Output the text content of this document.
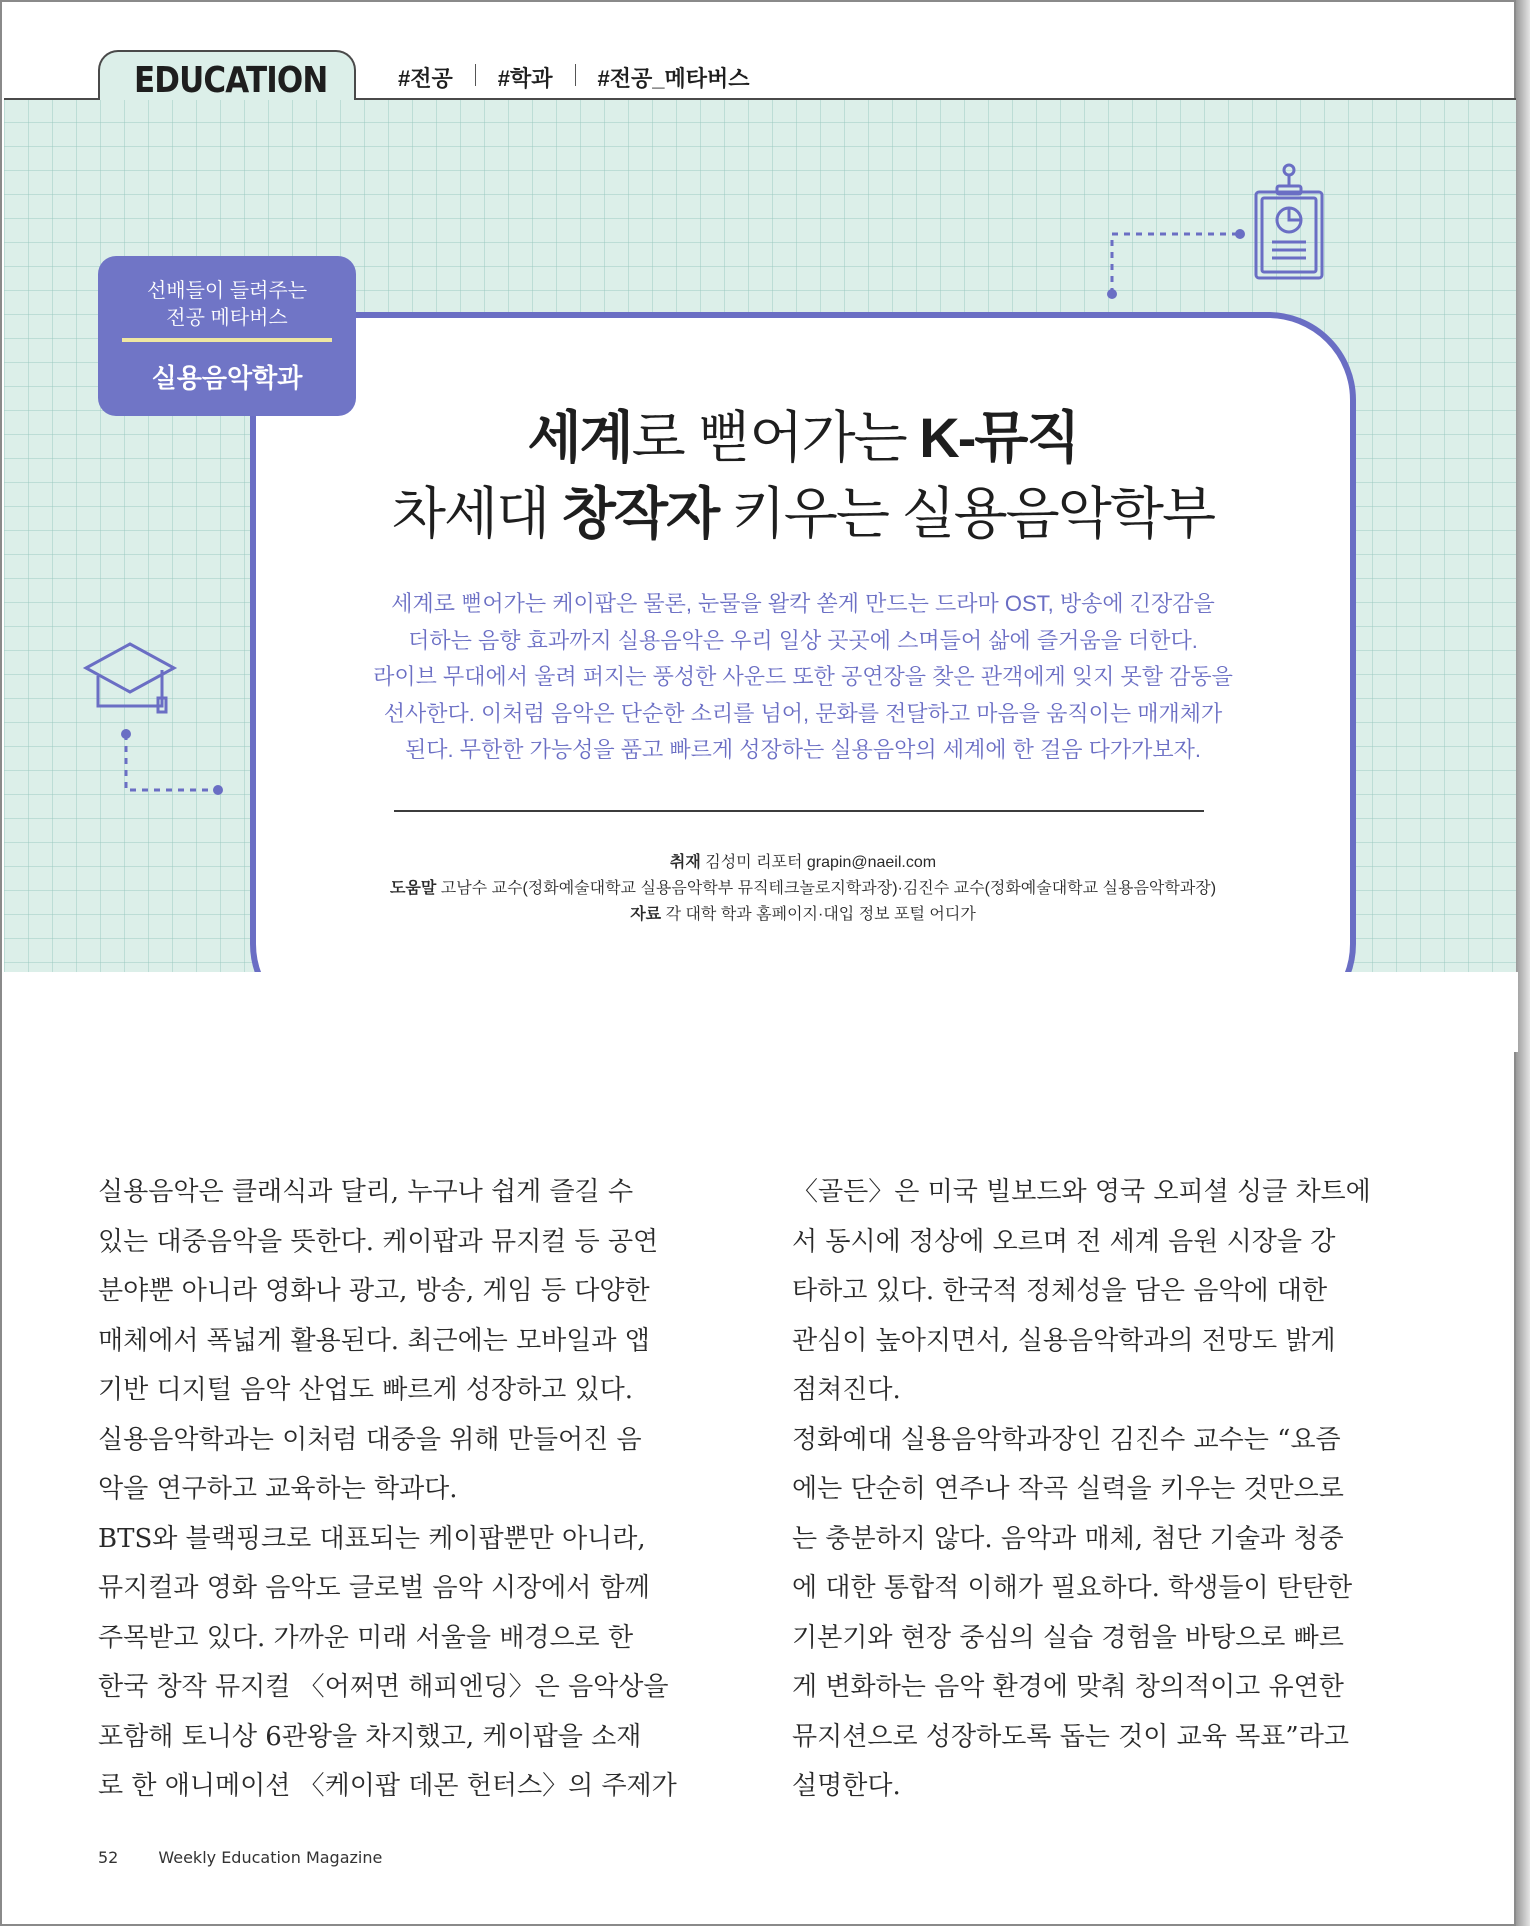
EDUCATION	#전공	#학과	#전공_메타버스
선배들이 들려주는
전공 메타버스
실용음악학과
세계로 뻗어가는 K-뮤직
차세대 창작자 키우는 실용음악학부
세계로 뻗어가는 케이팝은 물론, 눈물을 왈칵 쏟게 만드는 드라마 OST, 방송에 긴장감을
더하는 음향 효과까지 실용음악은 우리 일상 곳곳에 스며들어 삶에 즐거움을 더한다.
라이브 무대에서 울려 퍼지는 풍성한 사운드 또한 공연장을 찾은 관객에게 잊지 못할 감동을
선사한다. 이처럼 음악은 단순한 소리를 넘어, 문화를 전달하고 마음을 움직이는 매개체가
된다. 무한한 가능성을 품고 빠르게 성장하는 실용음악의 세계에 한 걸음 다가가보자.
취재 김성미 리포터 grapin@naeil.com
도움말 고남수 교수(정화예술대학교 실용음악학부 뮤직테크놀로지학과장)·김진수 교수(정화예술대학교 실용음악학과장)
자료 각 대학 학과 홈페이지·대입 정보 포털 어디가
실용음악은 클래식과 달리, 누구나 쉽게 즐길 수
있는 대중음악을 뜻한다. 케이팝과 뮤지컬 등 공연
분야뿐 아니라 영화나 광고, 방송, 게임 등 다양한
매체에서 폭넓게 활용된다. 최근에는 모바일과 앱
기반 디지털 음악 산업도 빠르게 성장하고 있다.
실용음악학과는 이처럼 대중을 위해 만들어진 음
악을 연구하고 교육하는 학과다.
BTS와 블랙핑크로 대표되는 케이팝뿐만 아니라,
뮤지컬과 영화 음악도 글로벌 음악 시장에서 함께
주목받고 있다. 가까운 미래 서울을 배경으로 한
한국 창작 뮤지컬 〈어쩌면 해피엔딩〉은 음악상을
포함해 토니상 6관왕을 차지했고, 케이팝을 소재
로 한 애니메이션 〈케이팝 데몬 헌터스〉의 주제가
〈골든〉은 미국 빌보드와 영국 오피셜 싱글 차트에
서 동시에 정상에 오르며 전 세계 음원 시장을 강
타하고 있다. 한국적 정체성을 담은 음악에 대한
관심이 높아지면서, 실용음악학과의 전망도 밝게
점쳐진다.
정화예대 실용음악학과장인 김진수 교수는 “요즘
에는 단순히 연주나 작곡 실력을 키우는 것만으로
는 충분하지 않다. 음악과 매체, 첨단 기술과 청중
에 대한 통합적 이해가 필요하다. 학생들이 탄탄한
기본기와 현장 중심의 실습 경험을 바탕으로 빠르
게 변화하는 음악 환경에 맞춰 창의적이고 유연한
뮤지션으로 성장하도록 돕는 것이 교육 목표”라고
설명한다.
52	Weekly Education Magazine
